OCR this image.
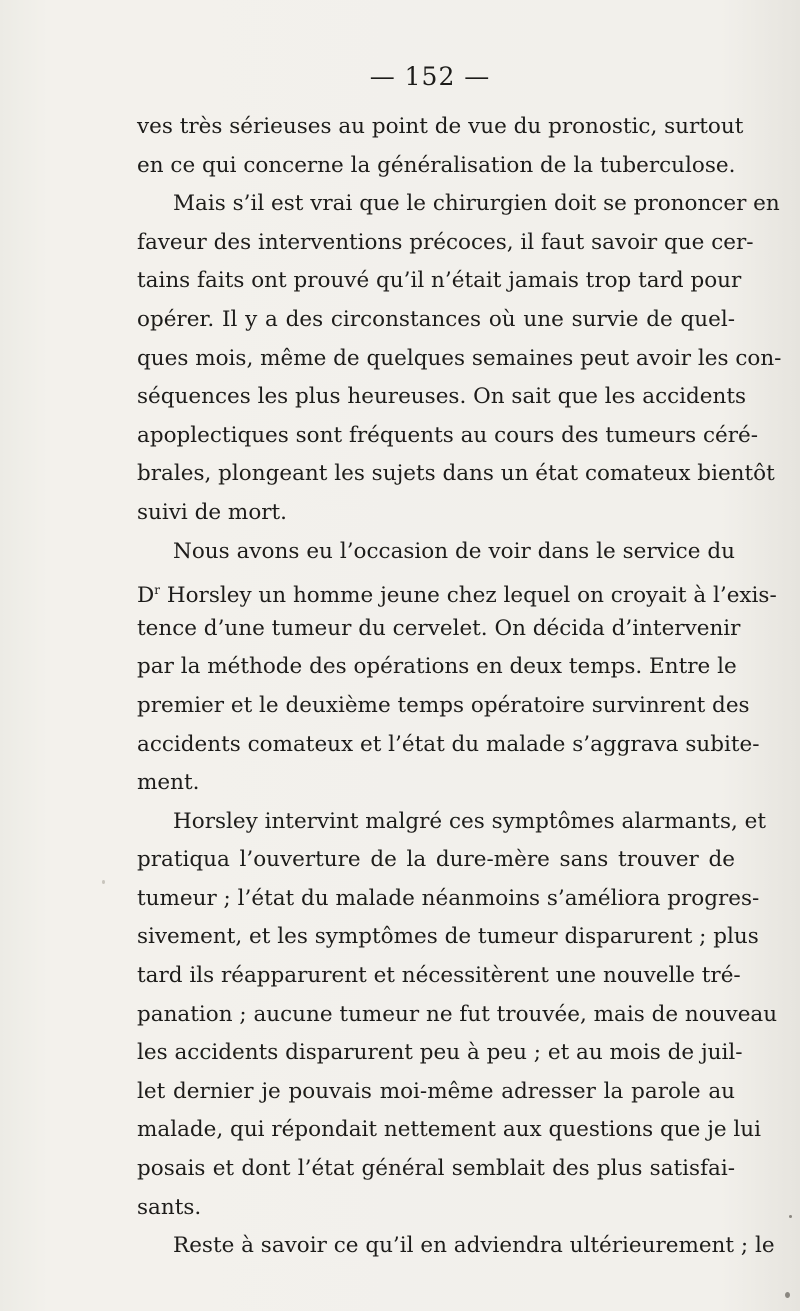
— 152 —
ves très sérieuses au point de vue du pronostic, surtout
en ce qui concerne la généralisation de la tuberculose.
Mais s’il est vrai que le chirurgien doit se prononcer en
faveur des interventions précoces, il faut savoir que cer-
tains faits ont prouvé qu’il n’était jamais trop tard pour
opérer. Il y a des circonstances où une survie de quel-
ques mois, même de quelques semaines peut avoir les con-
séquences les plus heureuses. On sait que les accidents
apoplectiques sont fréquents au cours des tumeurs céré-
brales, plongeant les sujets dans un état comateux bientôt
suivi de mort.
Nous avons eu l’occasion de voir dans le service du
$D^r$ Horsley un homme jeune chez lequel on croyait à l’exis-
tence d’une tumeur du cervelet. On décida d’intervenir
par la méthode des opérations en deux temps. Entre le
premier et le deuxième temps opératoire survinrent des
accidents comateux et l’état du malade s’aggrava subite-
ment.
Horsley intervint malgré ces symptômes alarmants, et
pratiqua l’ouverture de la dure-mère sans trouver de
tumeur ; l’état du malade néanmoins s’améliora progres-
sivement, et les symptômes de tumeur disparurent ; plus
tard ils réapparurent et nécessitèrent une nouvelle tré-
panation ; aucune tumeur ne fut trouvée, mais de nouveau
les accidents disparurent peu à peu ; et au mois de juil-
let dernier je pouvais moi-même adresser la parole au
malade, qui répondait nettement aux questions que je lui
posais et dont l’état général semblait des plus satisfai-
sants.
Reste à savoir ce qu’il en adviendra ultérieurement ; le
